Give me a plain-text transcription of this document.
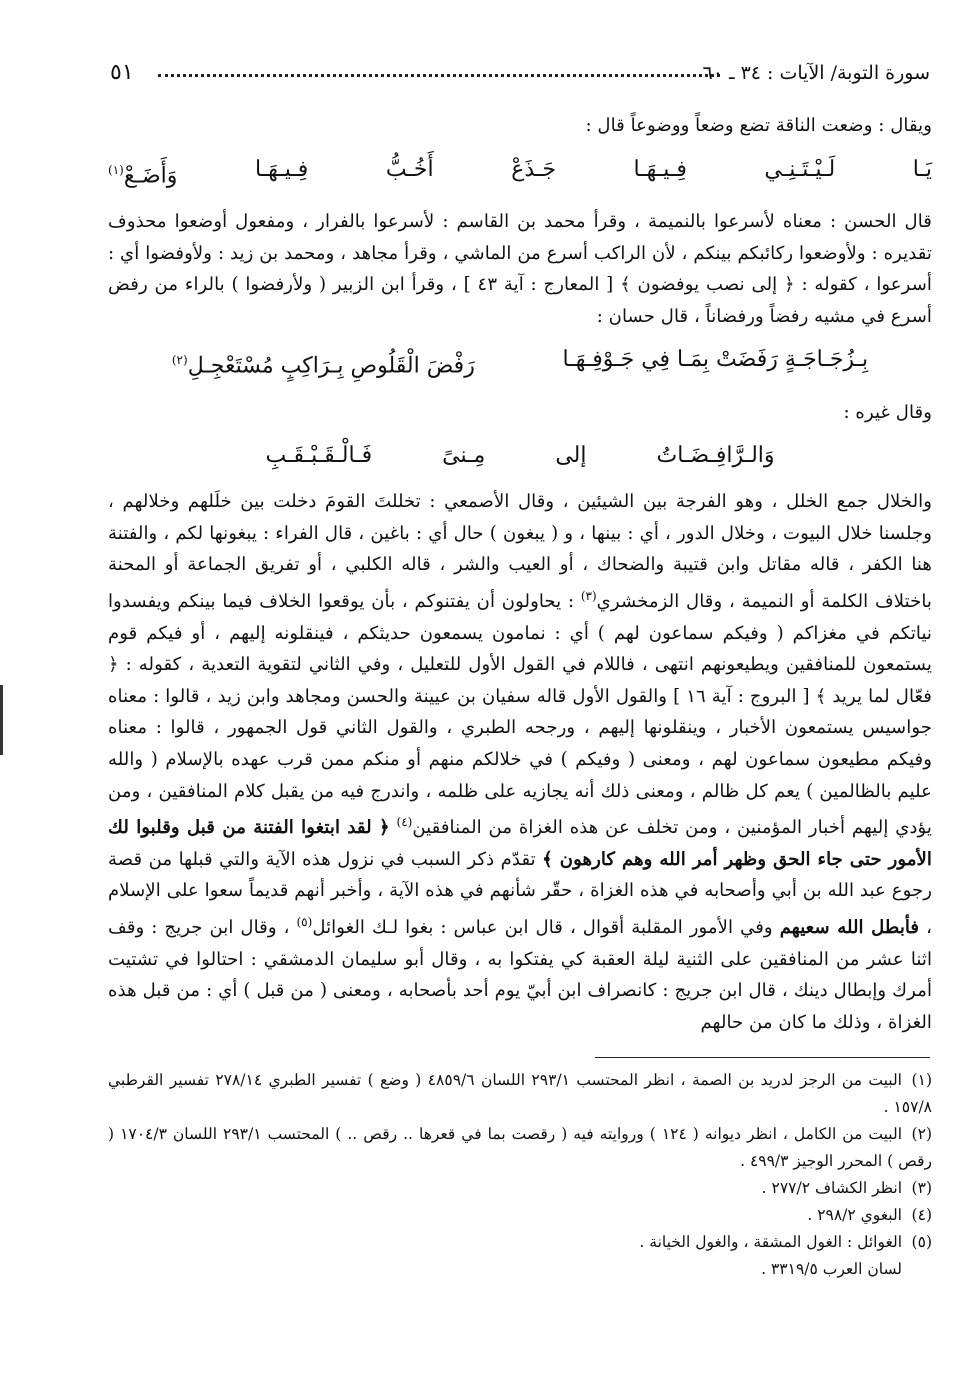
سورة التوبة/ الآيات : ٣٤ ـ ٦٠
٥١

ويقال : وضعت الناقة تضع وضعاً ووضوعاً قال :

يَـا
لَـيْـتَـنِـي
فِـيـهَـا
جَـذَعْ
أَخُـبُّ
فِـيـهَـا
وَأَضَـعْ$^{(١)}$

قال الحسن : معناه لأسرعوا بالنميمة ، وقرأ محمد بن القاسم : لأسرعوا بالفرار ، ومفعول أوضعوا محذوف تقديره : ولأوضعوا ركائبكم بينكم ، لأن الراكب أسرع من الماشي ، وقرأ مجاهد ، ومحمد بن زيد : ولأوفضوا أي : أسرعوا ، كقوله : ﴿ إلى نصب يوفضون ﴾ [ المعارج : آية ٤٣ ] ، وقرأ ابن الزبير ( ولأرفضوا ) بالراء من رفض أسرع في مشيه رفضاً ورفضاناً ، قال حسان :

بِـزُجَـاجَـةٍ رَفَضَتْ بِمَـا فِي جَـوْفِـهَـا
رَفْضَ الْقَلُوصِ بِـرَاكِبٍ مُسْتَعْجِـلِ$^{(٢)}$

وقال غيره :

وَالـرَّافِـضَـاتُ
إلى
مِـنىً
فَـالْـقَـبْـقَـبِ

والخلال جمع الخلل ، وهو الفرجة بين الشيئين ، وقال الأصمعي : تخللتَ القومَ دخلت بين خلَلهم وخلالهم ، وجلسنا خلال البيوت ، وخلال الدور ، أي : بينها ، و ( يبغون ) حال أي : باغين ، قال الفراء : يبغونها لكم ، والفتنة هنا الكفر ، قاله مقاتل وابن قتيبة والضحاك ، أو العيب والشر ، قاله الكلبي ، أو تفريق الجماعة أو المحنة باختلاف الكلمة أو النميمة ، وقال الزمخشري$^{(٣)}$ : يحاولون أن يفتنوكم ، بأن يوقعوا الخلاف فيما بينكم ويفسدوا نياتكم في مغزاكم ( وفيكم سماعون لهم ) أي : نمامون يسمعون حديثكم ، فينقلونه إليهم ، أو فيكم قوم يستمعون للمنافقين ويطيعونهم انتهى ، فاللام في القول الأول للتعليل ، وفي الثاني لتقوية التعدية ، كقوله : ﴿ فعّال لما يريد ﴾ [ البروج : آية ١٦ ] والقول الأول قاله سفيان بن عيينة والحسن ومجاهد وابن زيد ، قالوا : معناه جواسيس يستمعون الأخبار ، وينقلونها إليهم ، ورجحه الطبري ، والقول الثاني قول الجمهور ، قالوا : معناه وفيكم مطيعون سماعون لهم ، ومعنى ( وفيكم ) في خلالكم منهم أو منكم ممن قرب عهده بالإسلام ( والله عليم بالظالمين ) يعم كل ظالم ، ومعنى ذلك أنه يجازيه على ظلمه ، واندرج فيه من يقبل كلام المنافقين ، ومن يؤدي إليهم أخبار المؤمنين ، ومن تخلف عن هذه الغزاة من المنافقين$^{(٤)}$ ﴿ لقد ابتغوا الفتنة من قبل وقلبوا لك الأمور حتى جاء الحق وظهر أمر الله وهم كارهون ﴾ تقدّم ذكر السبب في نزول هذه الآية والتي قبلها من قصة رجوع عبد الله بن أبي وأصحابه في هذه الغزاة ، حقّر شأنهم في هذه الآية ، وأخبر أنهم قديماً سعوا على الإسلام ، فأبطل الله سعيهم وفي الأمور المقلبة أقوال ، قال ابن عباس : بغوا لـك الغوائل$^{(٥)}$ ، وقال ابن جريج : وقف اثنا عشر من المنافقين على الثنية ليلة العقبة كي يفتكوا به ، وقال أبو سليمان الدمشقي : احتالوا في تشتيت أمرك وإبطال دينك ، قال ابن جريج : كانصراف ابن أبيّ يوم أحد بأصحابه ، ومعنى ( من قبل ) أي : من قبل هذه الغزاة ، وذلك ما كان من حالهم

(١)البيت من الرجز لدريد بن الصمة ، انظر المحتسب ٢٩٣/١ اللسان ٤٨٥٩/٦ ( وضع ) تفسير الطبري ٢٧٨/١٤ تفسير القرطبي ١٥٧/٨ .

(٢)البيت من الكامل ، انظر ديوانه ( ١٢٤ ) وروايته فيه ( رقصت بما في قعرها .. رقص .. ) المحتسب ٢٩٣/١ اللسان ١٧٠٤/٣ ( رقص ) المحرر الوجيز ٤٩٩/٣ .

(٣)انظر الكشاف ٢٧٧/٢ .

(٤)البغوي ٢٩٨/٢ .

(٥)الغوائل : الغول المشقة ، والغول الخيانة .

لسان العرب ٣٣١٩/٥ .
